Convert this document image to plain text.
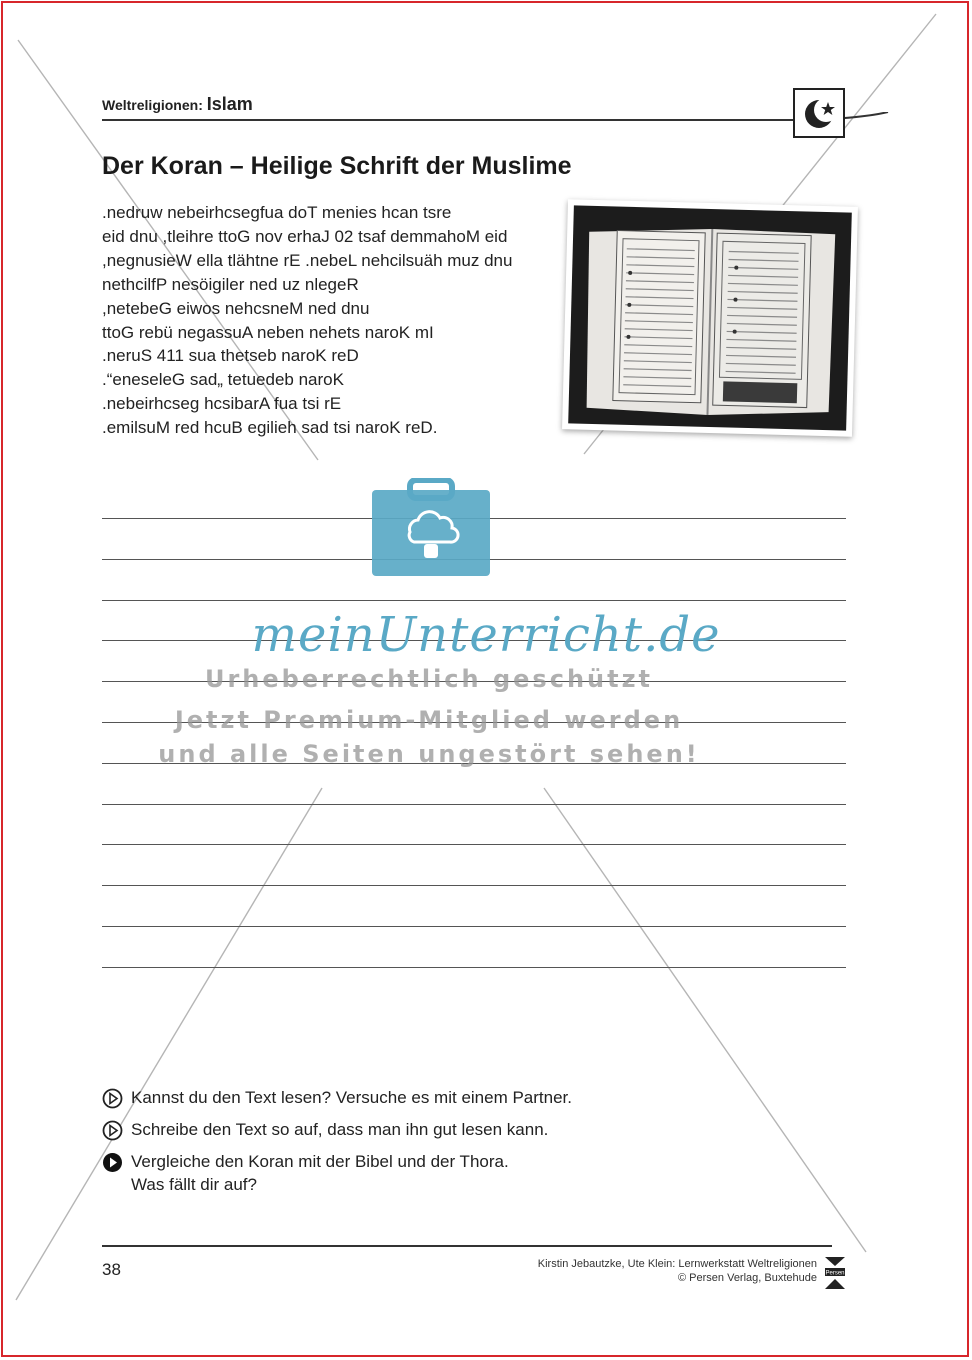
Weltreligionen: Islam
Der Koran – Heilige Schrift der Muslime
.nedruw nebeirhcsegfua doT menies hcan tsre
eid dnu ,tleihre ttoG nov erhaJ 02 tsaf demmahoM eid
,negnusieW ella tlähtne rE .nebeL nehcilsuäh muz dnu
nethcilfP nesöigiler ned uz nlegeR
,netebeG eiwos nehcsneM ned dnu
ttoG rebü negassuA neben nehets naroK mI
.neruS 411 sua thetseb naroK reD
.“eneseleG sad„ tetuedeb naroK
.nebeirhcseg hcsibarA fua tsi rE
.emilsuM red hcuB egilieh sad tsi naroK reD.
meinUnterricht.de
Urheberrechtlich geschützt
Jetzt Premium-Mitglied werden
und alle Seiten ungestört sehen!
Kannst du den Text lesen? Versuche es mit einem Partner.
Schreibe den Text so auf, dass man ihn gut lesen kann.
Vergleiche den Koran mit der Bibel und der Thora.
Was fällt dir auf?
38	Kirstin Jebautzke, Ute Klein: Lernwerkstatt Weltreligionen
© Persen Verlag, Buxtehude Persen
